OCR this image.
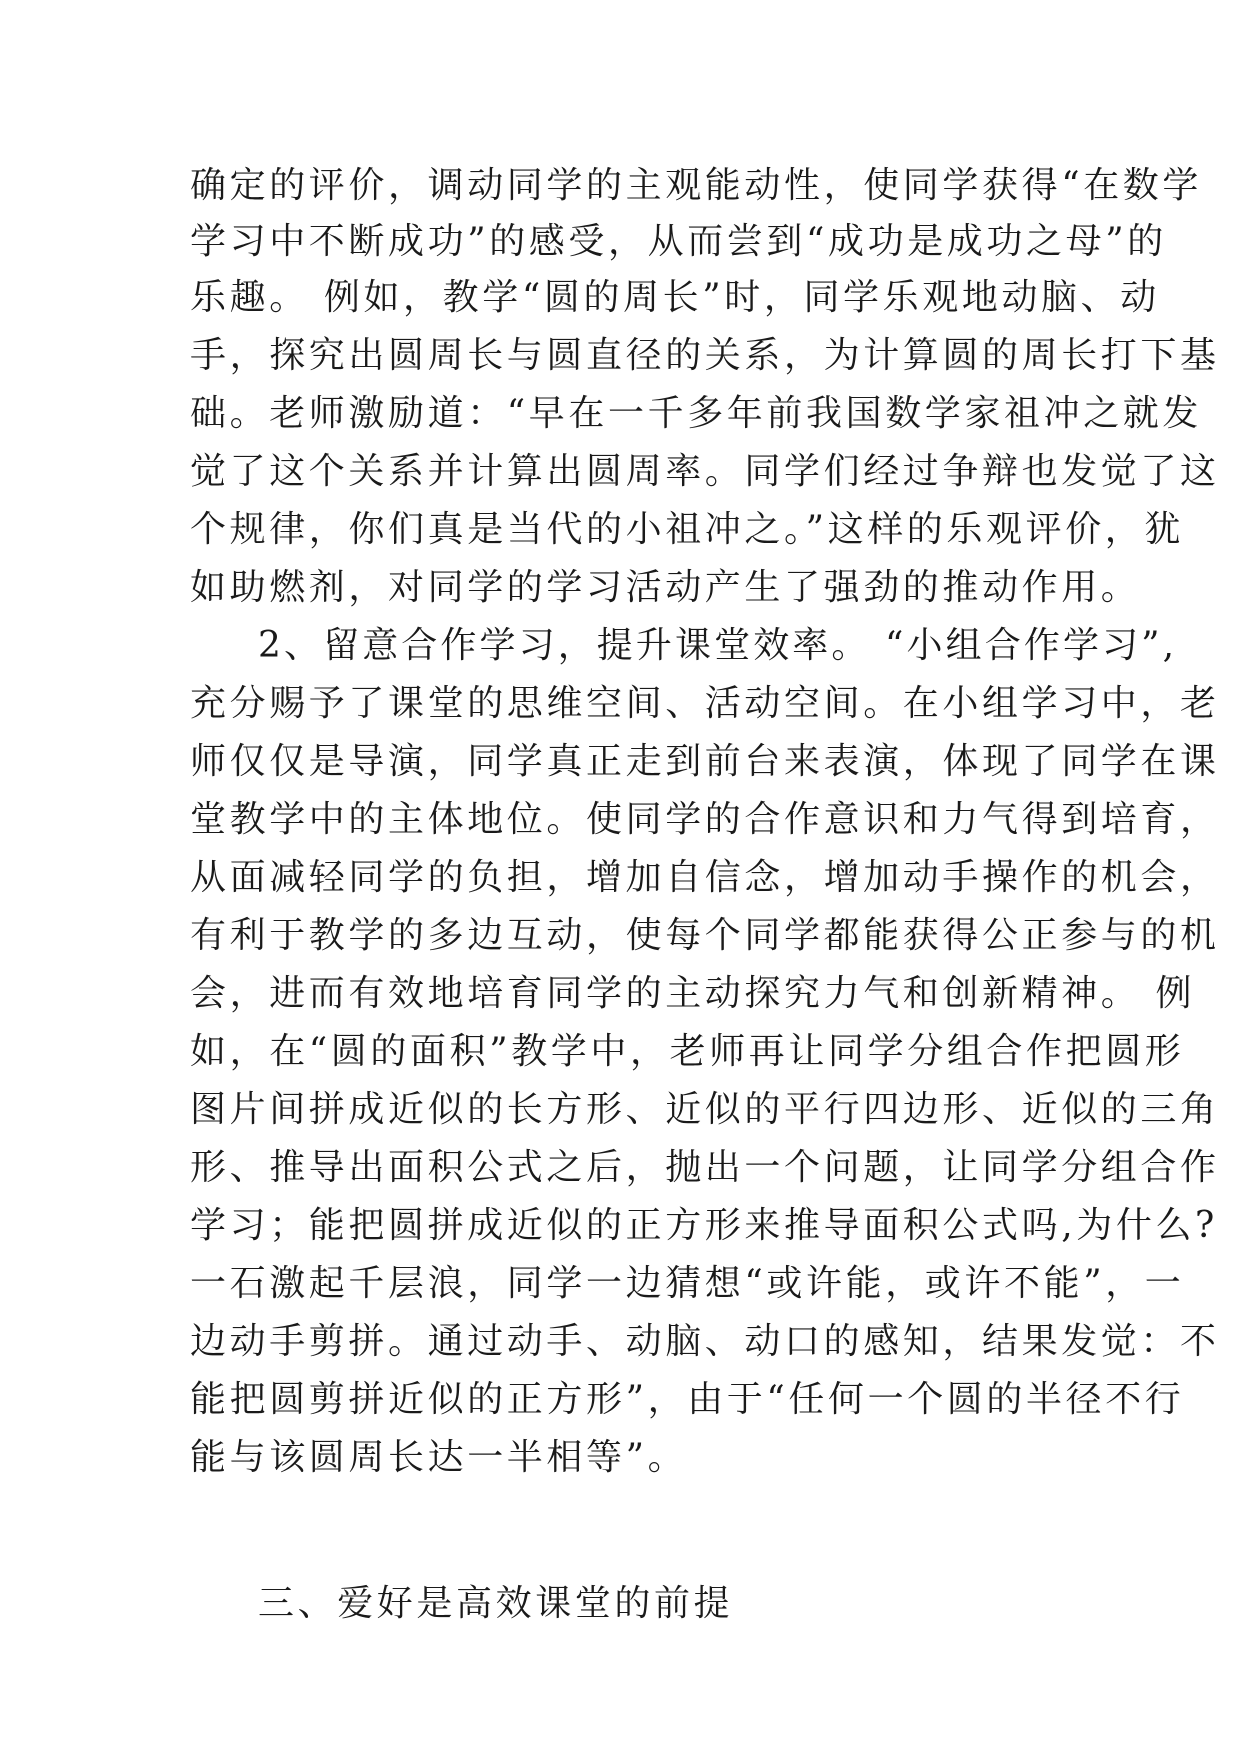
确定的评价，调动同学的主观能动性，使同学获得“在数学
学习中不断成功”的感受，从而尝到“成功是成功之母”的
乐趣。 例如，教学“圆的周长”时，同学乐观地动脑、动
手，探究出圆周长与圆直径的关系，为计算圆的周长打下基
础。老师激励道：“早在一千多年前我国数学家祖冲之就发
觉了这个关系并计算出圆周率。同学们经过争辩也发觉了这
个规律，你们真是当代的小祖冲之。”这样的乐观评价，犹
如助燃剂，对同学的学习活动产生了强劲的推动作用。
2、留意合作学习，提升课堂效率。 “小组合作学习”,
充分赐予了课堂的思维空间、活动空间。在小组学习中，老
师仅仅是导演，同学真正走到前台来表演，体现了同学在课
堂教学中的主体地位。使同学的合作意识和力气得到培育，
从面减轻同学的负担，增加自信念，增加动手操作的机会，
有利于教学的多边互动，使每个同学都能获得公正参与的机
会，进而有效地培育同学的主动探究力气和创新精神。 例
如，在“圆的面积”教学中，老师再让同学分组合作把圆形
图片间拼成近似的长方形、近似的平行四边形、近似的三角
形、推导出面积公式之后，抛出一个问题，让同学分组合作
学习；能把圆拼成近似的正方形来推导面积公式吗,为什么?
一石激起千层浪，同学一边猜想“或许能，或许不能”，一
边动手剪拼。通过动手、动脑、动口的感知，结果发觉：不
能把圆剪拼近似的正方形”，由于“任何一个圆的半径不行
能与该圆周长达一半相等”。
三、爱好是高效课堂的前提
